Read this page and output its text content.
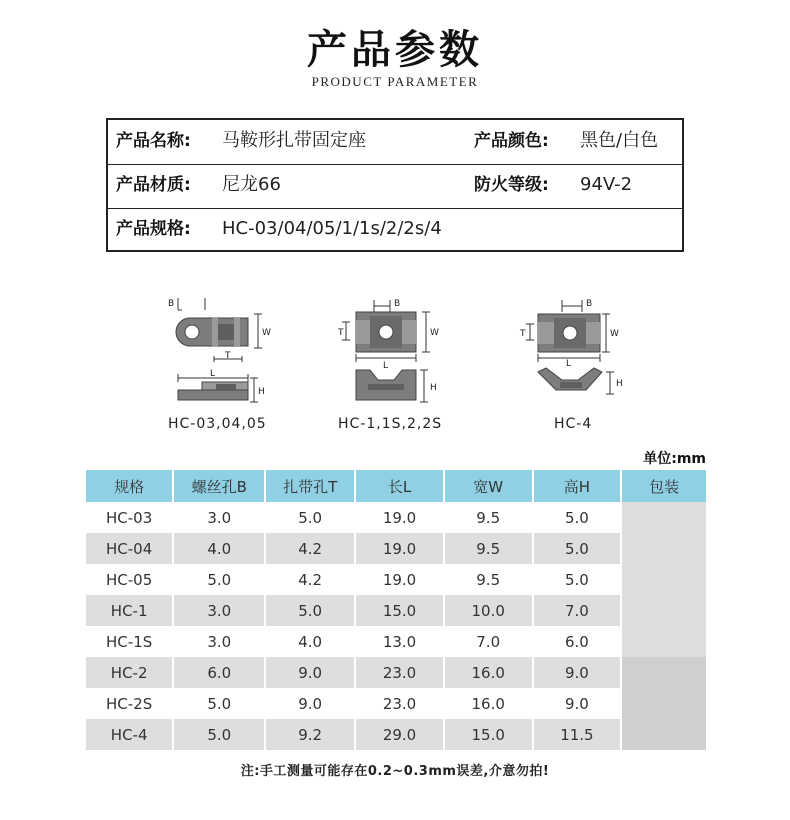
产品参数
PRODUCT PARAMETER
产品名称: 马鞍形扎带固定座	产品颜色: 黑色/白色
产品材质: 尼龙66	防火等级: 94V-2
产品规格: HC-03/04/05/1/1s/2/2s/4
B
W
T
L
H
B
T	W
L
H
B
T	W
L
H
HC-03,04,05	HC-1,1S,2,2S	HC-4
单位:mm
规格	螺丝孔B	扎带孔T	长L	宽W	高H	包装
HC-03	3.0	5.0	19.0	9.5	5.0	
HC-04	4.0	4.2	19.0	9.5	5.0	
HC-05	5.0	4.2	19.0	9.5	5.0	
HC-1	3.0	5.0	15.0	10.0	7.0	
HC-1S	3.0	4.0	13.0	7.0	6.0	
HC-2	6.0	9.0	23.0	16.0	9.0	
HC-2S	5.0	9.0	23.0	16.0	9.0	
HC-4	5.0	9.2	29.0	15.0	11.5	
注:手工测量可能存在0.2~0.3mm误差,介意勿拍!
